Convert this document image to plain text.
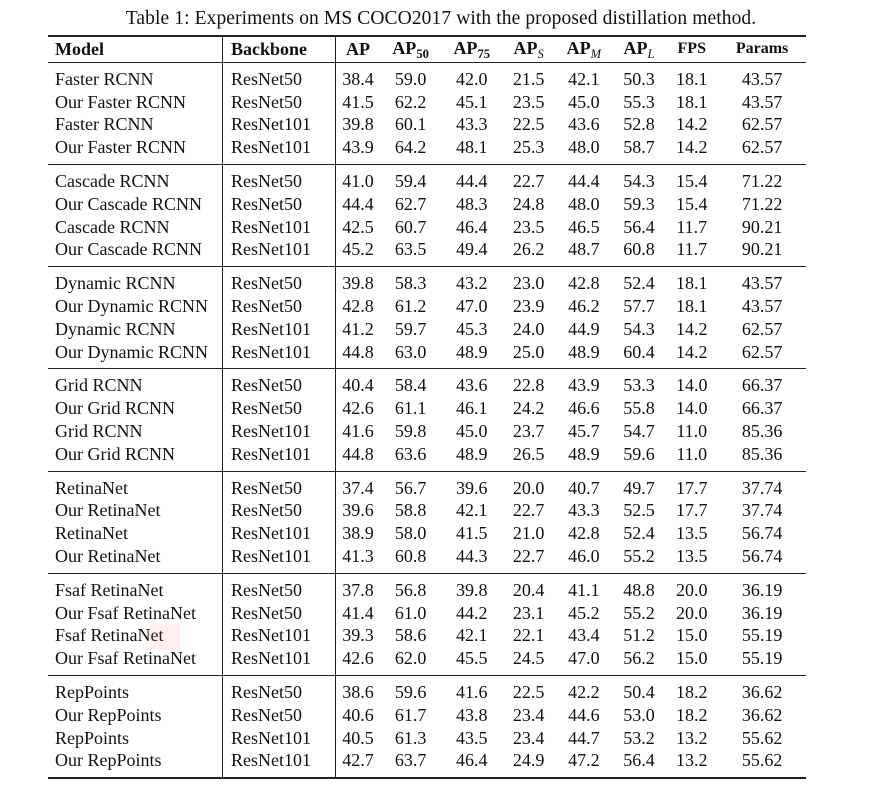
Table 1: Experiments on MS COCO2017 with the proposed distillation method.
Model	Backbone	AP	$AP_{50}$	$AP_{75}$	$AP_S$	$AP_M$	$AP_L$	FPS	Params
Faster RCNN	ResNet50	38.4	59.0	42.0	21.5	42.1	50.3	18.1	43.57
Our Faster RCNN	ResNet50	41.5	62.2	45.1	23.5	45.0	55.3	18.1	43.57
Faster RCNN	ResNet101	39.8	60.1	43.3	22.5	43.6	52.8	14.2	62.57
Our Faster RCNN	ResNet101	43.9	64.2	48.1	25.3	48.0	58.7	14.2	62.57
Cascade RCNN	ResNet50	41.0	59.4	44.4	22.7	44.4	54.3	15.4	71.22
Our Cascade RCNN	ResNet50	44.4	62.7	48.3	24.8	48.0	59.3	15.4	71.22
Cascade RCNN	ResNet101	42.5	60.7	46.4	23.5	46.5	56.4	11.7	90.21
Our Cascade RCNN	ResNet101	45.2	63.5	49.4	26.2	48.7	60.8	11.7	90.21
Dynamic RCNN	ResNet50	39.8	58.3	43.2	23.0	42.8	52.4	18.1	43.57
Our Dynamic RCNN	ResNet50	42.8	61.2	47.0	23.9	46.2	57.7	18.1	43.57
Dynamic RCNN	ResNet101	41.2	59.7	45.3	24.0	44.9	54.3	14.2	62.57
Our Dynamic RCNN	ResNet101	44.8	63.0	48.9	25.0	48.9	60.4	14.2	62.57
Grid RCNN	ResNet50	40.4	58.4	43.6	22.8	43.9	53.3	14.0	66.37
Our Grid RCNN	ResNet50	42.6	61.1	46.1	24.2	46.6	55.8	14.0	66.37
Grid RCNN	ResNet101	41.6	59.8	45.0	23.7	45.7	54.7	11.0	85.36
Our Grid RCNN	ResNet101	44.8	63.6	48.9	26.5	48.9	59.6	11.0	85.36
RetinaNet	ResNet50	37.4	56.7	39.6	20.0	40.7	49.7	17.7	37.74
Our RetinaNet	ResNet50	39.6	58.8	42.1	22.7	43.3	52.5	17.7	37.74
RetinaNet	ResNet101	38.9	58.0	41.5	21.0	42.8	52.4	13.5	56.74
Our RetinaNet	ResNet101	41.3	60.8	44.3	22.7	46.0	55.2	13.5	56.74
Fsaf RetinaNet	ResNet50	37.8	56.8	39.8	20.4	41.1	48.8	20.0	36.19
Our Fsaf RetinaNet	ResNet50	41.4	61.0	44.2	23.1	45.2	55.2	20.0	36.19
Fsaf RetinaNet	ResNet101	39.3	58.6	42.1	22.1	43.4	51.2	15.0	55.19
Our Fsaf RetinaNet	ResNet101	42.6	62.0	45.5	24.5	47.0	56.2	15.0	55.19
RepPoints	ResNet50	38.6	59.6	41.6	22.5	42.2	50.4	18.2	36.62
Our RepPoints	ResNet50	40.6	61.7	43.8	23.4	44.6	53.0	18.2	36.62
RepPoints	ResNet101	40.5	61.3	43.5	23.4	44.7	53.2	13.2	55.62
Our RepPoints	ResNet101	42.7	63.7	46.4	24.9	47.2	56.4	13.2	55.62
